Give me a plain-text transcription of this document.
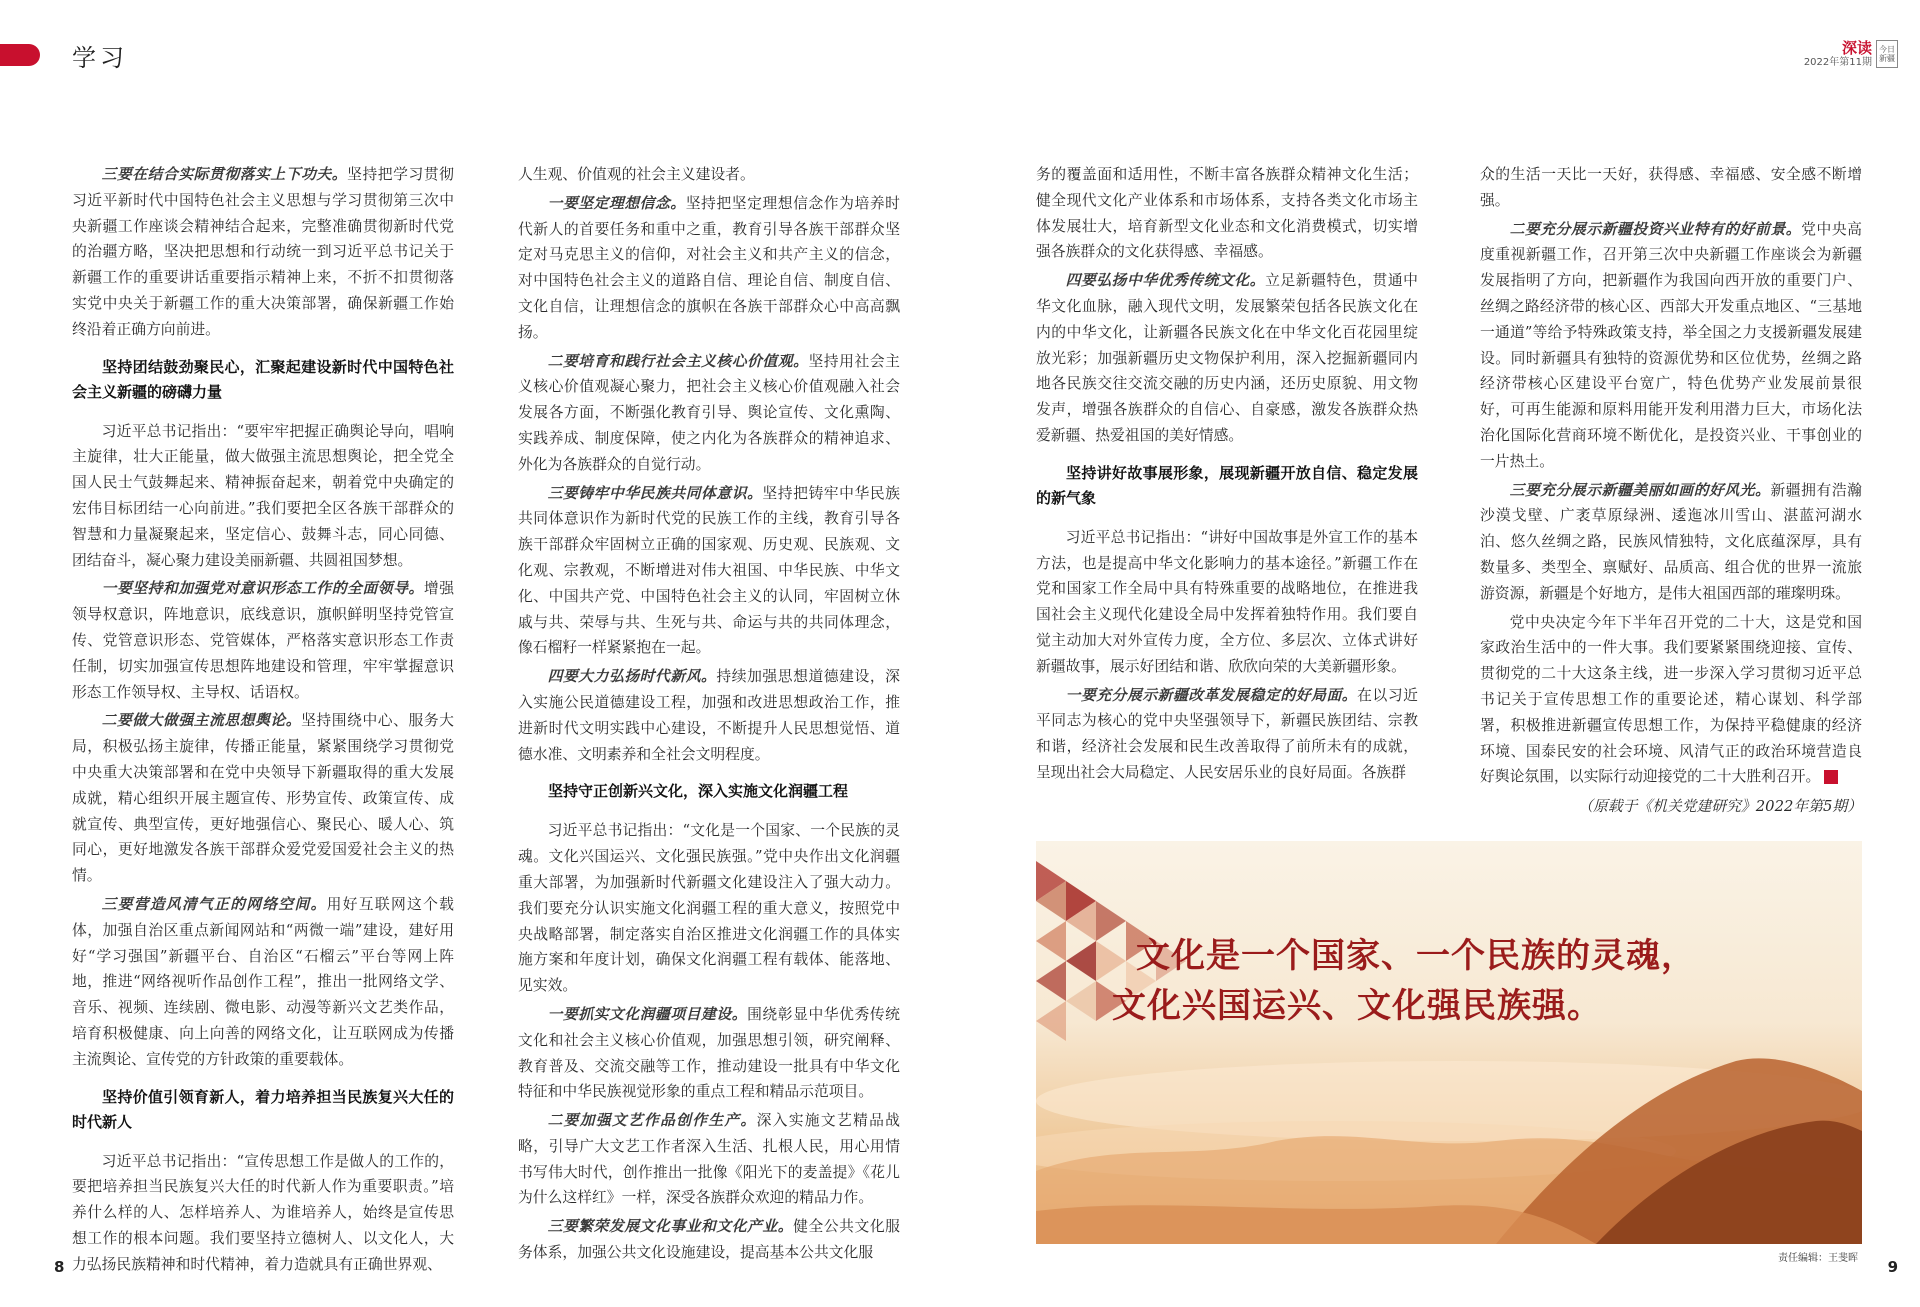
学习	深读
2022年第11期
今日新疆

三要在结合实际贯彻落实上下功夫。坚持把学习贯彻习近平新时代中国特色社会主义思想与学习贯彻第三次中央新疆工作座谈会精神结合起来，完整准确贯彻新时代党的治疆方略，坚决把思想和行动统一到习近平总书记关于新疆工作的重要讲话重要指示精神上来，不折不扣贯彻落实党中央关于新疆工作的重大决策部署，确保新疆工作始终沿着正确方向前进。

坚持团结鼓劲聚民心，汇聚起建设新时代中国特色社会主义新疆的磅礴力量

习近平总书记指出：“要牢牢把握正确舆论导向，唱响主旋律，壮大正能量，做大做强主流思想舆论，把全党全国人民士气鼓舞起来、精神振奋起来，朝着党中央确定的宏伟目标团结一心向前进。”我们要把全区各族干部群众的智慧和力量凝聚起来，坚定信心、鼓舞斗志，同心同德、团结奋斗，凝心聚力建设美丽新疆、共圆祖国梦想。

一要坚持和加强党对意识形态工作的全面领导。增强领导权意识，阵地意识，底线意识，旗帜鲜明坚持党管宣传、党管意识形态、党管媒体，严格落实意识形态工作责任制，切实加强宣传思想阵地建设和管理，牢牢掌握意识形态工作领导权、主导权、话语权。

二要做大做强主流思想舆论。坚持围绕中心、服务大局，积极弘扬主旋律，传播正能量，紧紧围绕学习贯彻党中央重大决策部署和在党中央领导下新疆取得的重大发展成就，精心组织开展主题宣传、形势宣传、政策宣传、成就宣传、典型宣传，更好地强信心、聚民心、暖人心、筑同心，更好地激发各族干部群众爱党爱国爱社会主义的热情。

三要营造风清气正的网络空间。用好互联网这个载体，加强自治区重点新闻网站和“两微一端”建设，建好用好“学习强国”新疆平台、自治区“石榴云”平台等网上阵地，推进“网络视听作品创作工程”，推出一批网络文学、音乐、视频、连续剧、微电影、动漫等新兴文艺类作品，培育积极健康、向上向善的网络文化，让互联网成为传播主流舆论、宣传党的方针政策的重要载体。

坚持价值引领育新人，着力培养担当民族复兴大任的时代新人

习近平总书记指出：“宣传思想工作是做人的工作的，要把培养担当民族复兴大任的时代新人作为重要职责。”培养什么样的人、怎样培养人、为谁培养人，始终是宣传思想工作的根本问题。我们要坚持立德树人、以文化人，大力弘扬民族精神和时代精神，着力造就具有正确世界观、

人生观、价值观的社会主义建设者。

一要坚定理想信念。坚持把坚定理想信念作为培养时代新人的首要任务和重中之重，教育引导各族干部群众坚定对马克思主义的信仰，对社会主义和共产主义的信念，对中国特色社会主义的道路自信、理论自信、制度自信、文化自信，让理想信念的旗帜在各族干部群众心中高高飘扬。

二要培育和践行社会主义核心价值观。坚持用社会主义核心价值观凝心聚力，把社会主义核心价值观融入社会发展各方面，不断强化教育引导、舆论宣传、文化熏陶、实践养成、制度保障，使之内化为各族群众的精神追求、外化为各族群众的自觉行动。

三要铸牢中华民族共同体意识。坚持把铸牢中华民族共同体意识作为新时代党的民族工作的主线，教育引导各族干部群众牢固树立正确的国家观、历史观、民族观、文化观、宗教观，不断增进对伟大祖国、中华民族、中华文化、中国共产党、中国特色社会主义的认同，牢固树立休戚与共、荣辱与共、生死与共、命运与共的共同体理念，像石榴籽一样紧紧抱在一起。

四要大力弘扬时代新风。持续加强思想道德建设，深入实施公民道德建设工程，加强和改进思想政治工作，推进新时代文明实践中心建设，不断提升人民思想觉悟、道德水准、文明素养和全社会文明程度。

坚持守正创新兴文化，深入实施文化润疆工程

习近平总书记指出：“文化是一个国家、一个民族的灵魂。文化兴国运兴、文化强民族强。”党中央作出文化润疆重大部署，为加强新时代新疆文化建设注入了强大动力。我们要充分认识实施文化润疆工程的重大意义，按照党中央战略部署，制定落实自治区推进文化润疆工作的具体实施方案和年度计划，确保文化润疆工程有载体、能落地、见实效。

一要抓实文化润疆项目建设。围绕彰显中华优秀传统文化和社会主义核心价值观，加强思想引领，研究阐释、教育普及、交流交融等工作，推动建设一批具有中华文化特征和中华民族视觉形象的重点工程和精品示范项目。

二要加强文艺作品创作生产。深入实施文艺精品战略，引导广大文艺工作者深入生活、扎根人民，用心用情书写伟大时代，创作推出一批像《阳光下的麦盖提》《花儿为什么这样红》一样，深受各族群众欢迎的精品力作。

三要繁荣发展文化事业和文化产业。健全公共文化服务体系，加强公共文化设施建设，提高基本公共文化服

务的覆盖面和适用性，不断丰富各族群众精神文化生活；健全现代文化产业体系和市场体系，支持各类文化市场主体发展壮大，培育新型文化业态和文化消费模式，切实增强各族群众的文化获得感、幸福感。

四要弘扬中华优秀传统文化。立足新疆特色，贯通中华文化血脉，融入现代文明，发展繁荣包括各民族文化在内的中华文化，让新疆各民族文化在中华文化百花园里绽放光彩；加强新疆历史文物保护利用，深入挖掘新疆同内地各民族交往交流交融的历史内涵，还历史原貌、用文物发声，增强各族群众的自信心、自豪感，激发各族群众热爱新疆、热爱祖国的美好情感。

坚持讲好故事展形象，展现新疆开放自信、稳定发展的新气象

习近平总书记指出：“讲好中国故事是外宣工作的基本方法，也是提高中华文化影响力的基本途径。”新疆工作在党和国家工作全局中具有特殊重要的战略地位，在推进我国社会主义现代化建设全局中发挥着独特作用。我们要自觉主动加大对外宣传力度，全方位、多层次、立体式讲好新疆故事，展示好团结和谐、欣欣向荣的大美新疆形象。

一要充分展示新疆改革发展稳定的好局面。在以习近平同志为核心的党中央坚强领导下，新疆民族团结、宗教和谐，经济社会发展和民生改善取得了前所未有的成就，呈现出社会大局稳定、人民安居乐业的良好局面。各族群

众的生活一天比一天好，获得感、幸福感、安全感不断增强。

二要充分展示新疆投资兴业特有的好前景。党中央高度重视新疆工作，召开第三次中央新疆工作座谈会为新疆发展指明了方向，把新疆作为我国向西开放的重要门户、丝绸之路经济带的核心区、西部大开发重点地区、“三基地一通道”等给予特殊政策支持，举全国之力支援新疆发展建设。同时新疆具有独特的资源优势和区位优势，丝绸之路经济带核心区建设平台宽广，特色优势产业发展前景很好，可再生能源和原料用能开发利用潜力巨大，市场化法治化国际化营商环境不断优化，是投资兴业、干事创业的一片热土。

三要充分展示新疆美丽如画的好风光。新疆拥有浩瀚沙漠戈壁、广袤草原绿洲、逶迤冰川雪山、湛蓝河湖水泊、悠久丝绸之路，民族风情独特，文化底蕴深厚，具有数量多、类型全、禀赋好、品质高、组合优的世界一流旅游资源，新疆是个好地方，是伟大祖国西部的璀璨明珠。

党中央决定今年下半年召开党的二十大，这是党和国家政治生活中的一件大事。我们要紧紧围绕迎接、宣传、贯彻党的二十大这条主线，进一步深入学习贯彻习近平总书记关于宣传思想工作的重要论述，精心谋划、科学部署，积极推进新疆宣传思想工作，为保持平稳健康的经济环境、国泰民安的社会环境、风清气正的政治环境营造良好舆论氛围，以实际行动迎接党的二十大胜利召开。	J

（原载于《机关党建研究》2022年第5期）
文化是一个国家、一个民族的灵魂，
文化兴国运兴、文化强民族强。
8	责任编辑：王斐晖 9
